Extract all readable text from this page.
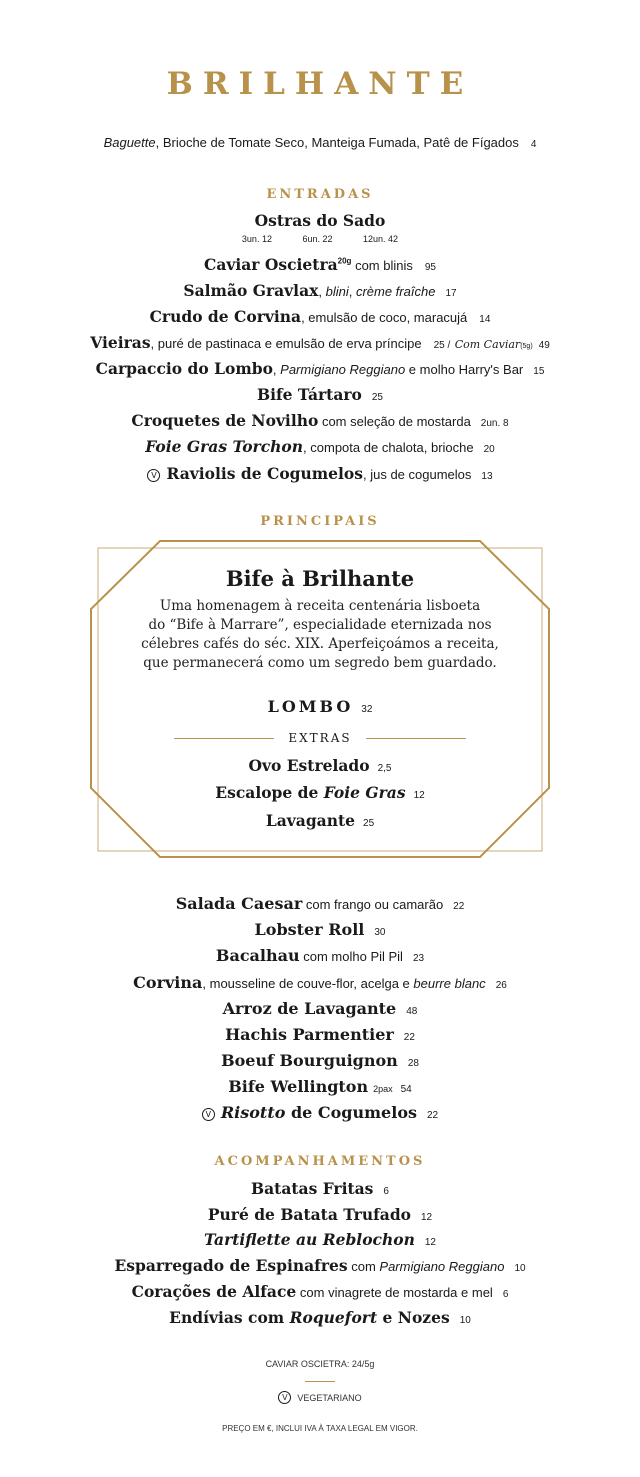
BRILHANTE
Baguette, Brioche de Tomate Seco, Manteiga Fumada, Patê de Fígados 4
ENTRADAS
Ostras do Sado
3un. 12	6un. 22	12un. 42
Caviar Oscietra$^{20g}$ com blinis 95
Salmão Gravlax, blini, crème fraîche 17
Crudo de Corvina, emulsão de coco, maracujá 14
Vieiras, puré de pastinaca e emulsão de erva príncipe 25 / Com Caviar(5g) 49
Carpaccio do Lombo, Parmigiano Reggiano e molho Harry's Bar 15
Bife Tártaro 25
Croquetes de Novilho com seleção de mostarda 2un. 8
Foie Gras Torchon, compota de chalota, brioche 20
V Raviolis de Cogumelos, jus de cogumelos 13
PRINCIPAIS
Bife à Brilhante
Uma homenagem à receita centenária lisboeta
do “Bife à Marrare”, especialidade eternizada nos
célebres cafés do séc. XIX. Aperfeiçoámos a receita,
que permanecerá como um segredo bem guardado.
LOMBO 32
EXTRAS
Ovo Estrelado 2,5
Escalope de Foie Gras 12
Lavagante 25
Salada Caesar com frango ou camarão 22
Lobster Roll 30
Bacalhau com molho Pil Pil 23
Corvina, mousseline de couve-flor, acelga e beurre blanc 26
Arroz de Lavagante 48
Hachis Parmentier 22
Boeuf Bourguignon 28
Bife Wellington 2pax 54
V Risotto de Cogumelos 22
ACOMPANHAMENTOS
Batatas Fritas 6
Puré de Batata Trufado 12
Tartiflette au Reblochon 12
Esparregado de Espinafres com Parmigiano Reggiano 10
Corações de Alface com vinagrete de mostarda e mel 6
Endívias com Roquefort e Nozes 10
CAVIAR OSCIETRA: 24/5g
V VEGETARIANO
PREÇO EM €, INCLUI IVA À TAXA LEGAL EM VIGOR.
